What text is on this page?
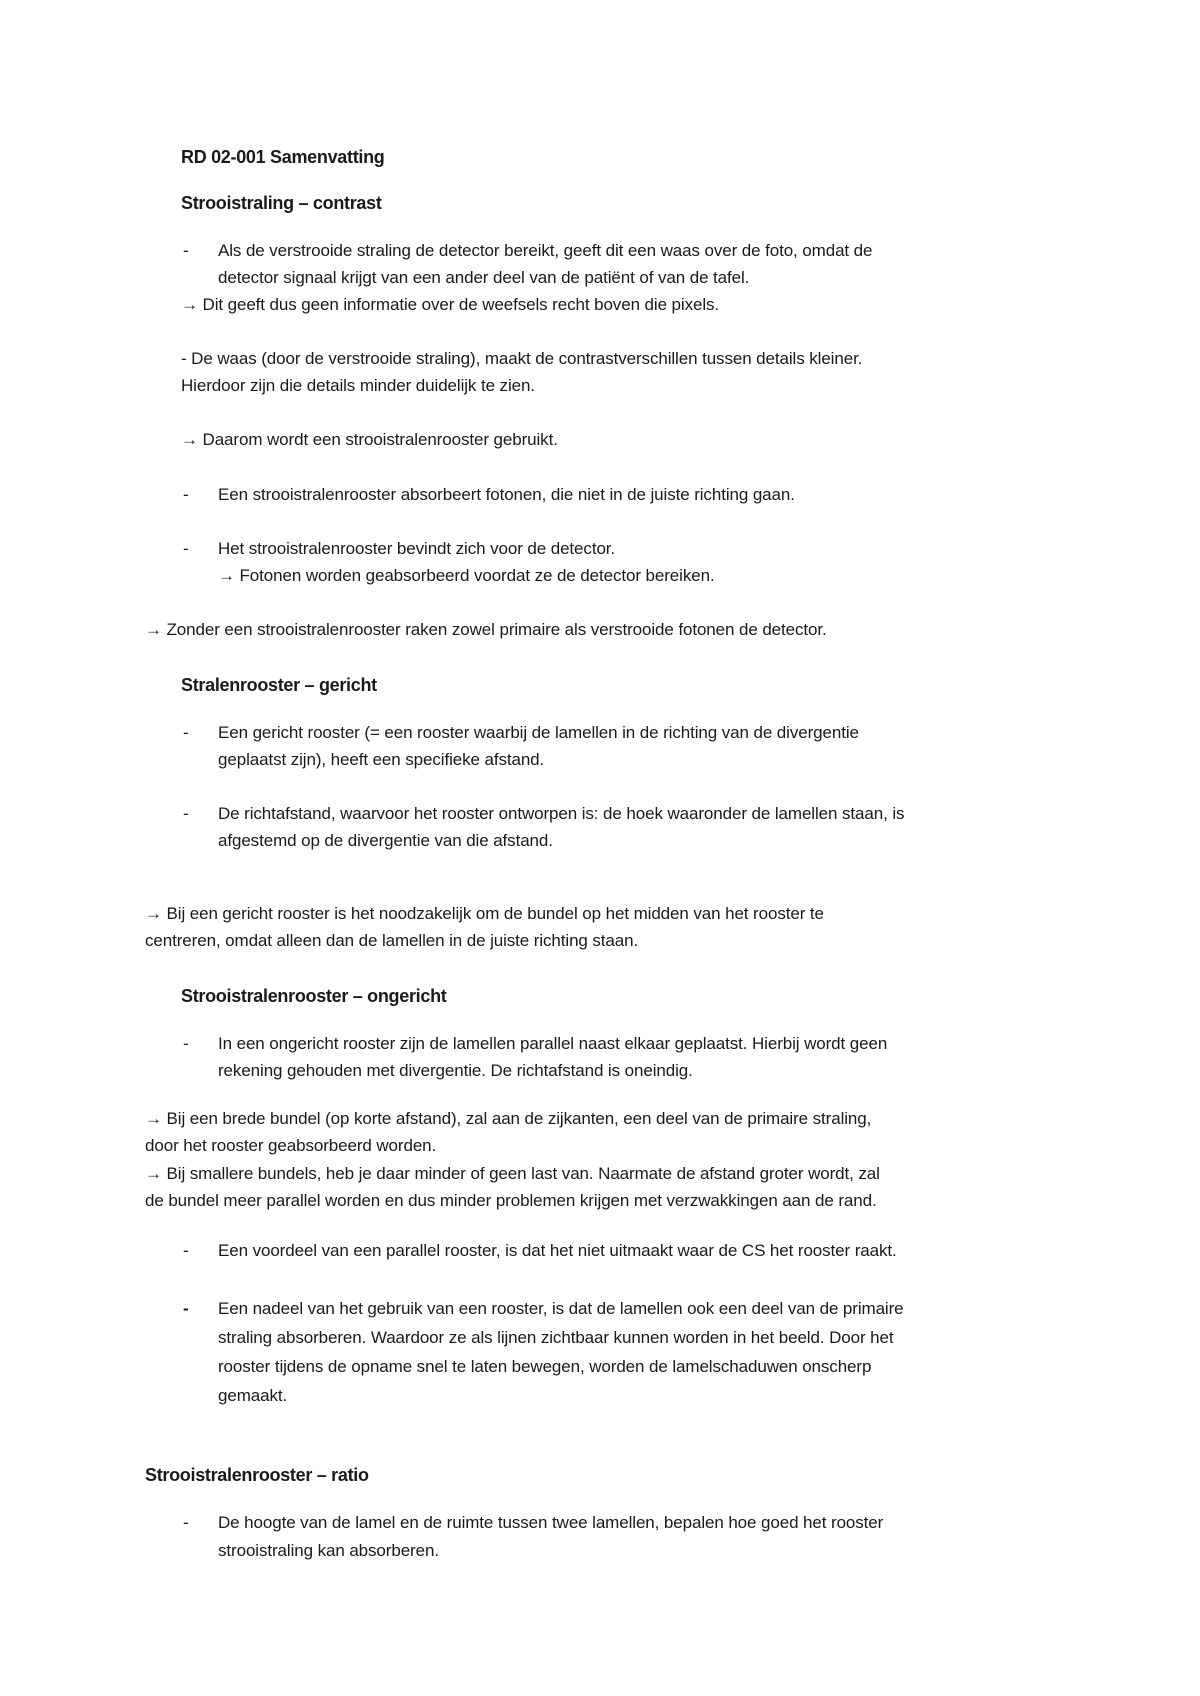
RD 02-001 Samenvatting
Strooistraling – contrast
- Als de verstrooide straling de detector bereikt, geeft dit een waas over de foto, omdat de
detector signaal krijgt van een ander deel van de patiënt of van de tafel.
→ Dit geeft dus geen informatie over de weefsels recht boven die pixels.
- De waas (door de verstrooide straling), maakt de contrastverschillen tussen details kleiner.
Hierdoor zijn die details minder duidelijk te zien.
→ Daarom wordt een strooistralenrooster gebruikt.
- Een strooistralenrooster absorbeert fotonen, die niet in de juiste richting gaan.
- Het strooistralenrooster bevindt zich voor de detector.
→ Fotonen worden geabsorbeerd voordat ze de detector bereiken.
→ Zonder een strooistralenrooster raken zowel primaire als verstrooide fotonen de detector.
Stralenrooster – gericht
- Een gericht rooster (= een rooster waarbij de lamellen in de richting van de divergentie
geplaatst zijn), heeft een specifieke afstand.
- De richtafstand, waarvoor het rooster ontworpen is: de hoek waaronder de lamellen staan, is
afgestemd op de divergentie van die afstand.
→ Bij een gericht rooster is het noodzakelijk om de bundel op het midden van het rooster te
centreren, omdat alleen dan de lamellen in de juiste richting staan.
Strooistralenrooster – ongericht
- In een ongericht rooster zijn de lamellen parallel naast elkaar geplaatst. Hierbij wordt geen
rekening gehouden met divergentie. De richtafstand is oneindig.
→ Bij een brede bundel (op korte afstand), zal aan de zijkanten, een deel van de primaire straling,
door het rooster geabsorbeerd worden.
→ Bij smallere bundels, heb je daar minder of geen last van. Naarmate de afstand groter wordt, zal
de bundel meer parallel worden en dus minder problemen krijgen met verzwakkingen aan de rand.
- Een voordeel van een parallel rooster, is dat het niet uitmaakt waar de CS het rooster raakt.
- Een nadeel van het gebruik van een rooster, is dat de lamellen ook een deel van de primaire
straling absorberen. Waardoor ze als lijnen zichtbaar kunnen worden in het beeld. Door het
rooster tijdens de opname snel te laten bewegen, worden de lamelschaduwen onscherp
gemaakt.
Strooistralenrooster – ratio
- De hoogte van de lamel en de ruimte tussen twee lamellen, bepalen hoe goed het rooster
strooistraling kan absorberen.
